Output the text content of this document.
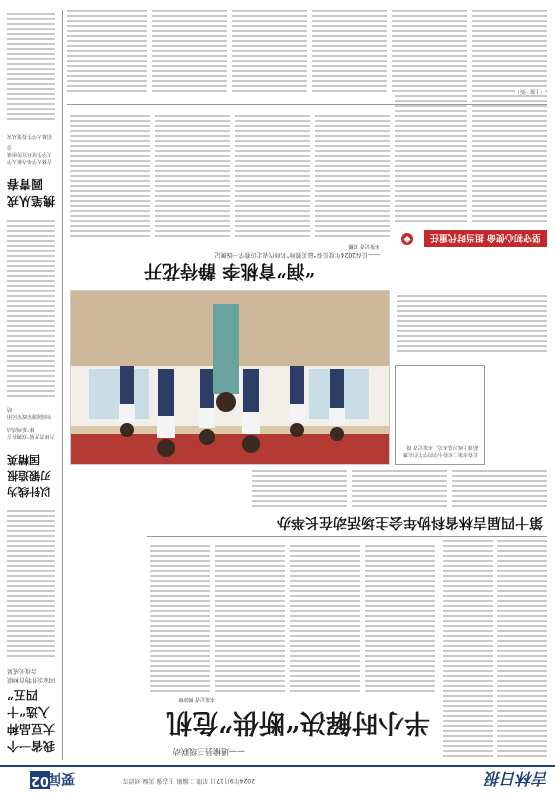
02
要闻	2024年9月17日 星期二 编辑 王志强 美编 刘清雪	吉林日报
——通榆县三级联动
半小时解决“断供”危机
本报记者 柳沛峰
第十四届吉林省科协年会主场活动在长举办
长春市第二实验小学的学生们在舞蹈课上练习基本功。本报记者 摄
“润”育桃李 静待花开
——长春2024年度长春“最美教师”名师代表走访教学一线侧记
本报记者 刘鹏
坚守初心使命 担当时代重任
◆
（上接一版）
我省一个大豆品种入选“十四五”
国家农作物育种联合攻关成果
以针线为刃锻造报国精英
吉林省开展“双拥在吉林”系列活动
全面展现军政军民团结
携笔从戎圆青春
吉林大学举办新入学大学生征兵宣传座谈会
招募大学生投笔从戎
